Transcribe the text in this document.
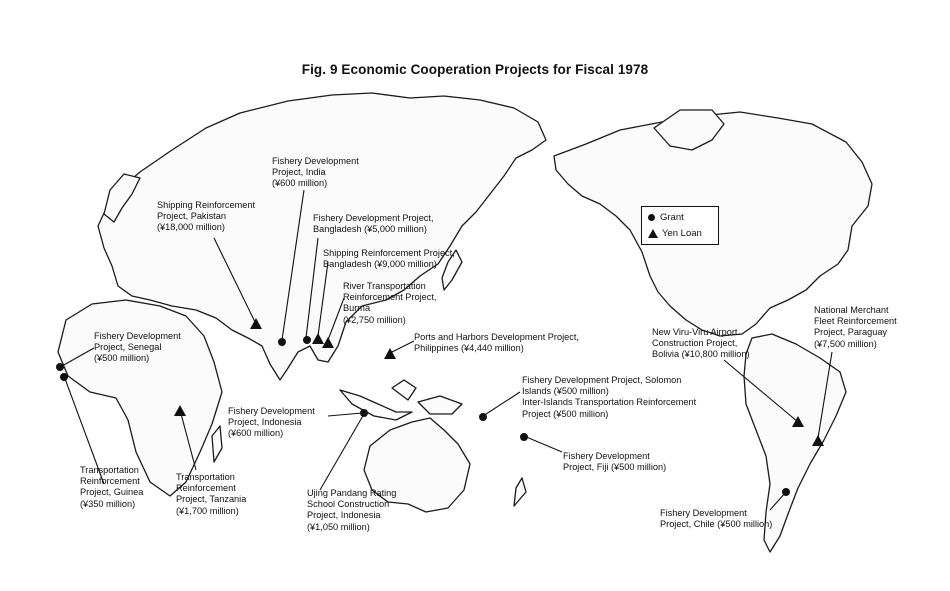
Fig. 9 Economic Cooperation Projects for Fiscal 1978
Grant
Yen Loan
Fishery Development
Project, India
(¥600 million)
Shipping Reinforcement
Project, Pakistan
(¥18,000 million)
Fishery Development Project,
Bangladesh (¥5,000 million)
Shipping Reinforcement Project,
Bangladesh (¥9,000 million)
River Transportation
Reinforcement Project,
Burma
(¥2,750 million)
Ports and Harbors Development Project,
Philippines (¥4,440 million)
Fishery Development
Project, Senegal
(¥500 million)
Fishery Development
Project, Indonesia
(¥600 million)
Transportation
Reinforcement
Project, Guinea
(¥350 million)
Transportation
Reinforcement
Project, Tanzania
(¥1,700 million)
Ujing Pandang Rating
School Construction
Project, Indonesia
(¥1,050 million)
Fishery Development Project, Solomon
Islands (¥500 million)
Inter-Islands Transportation Reinforcement
Project (¥500 million)
Fishery Development
Project, Fiji (¥500 million)
New Viru-Viru Airport
Construction Project,
Bolivia (¥10,800 million)
National Merchant
Fleet Reinforcement
Project, Paraguay
(¥7,500 million)
Fishery Development
Project, Chile (¥500 million)
